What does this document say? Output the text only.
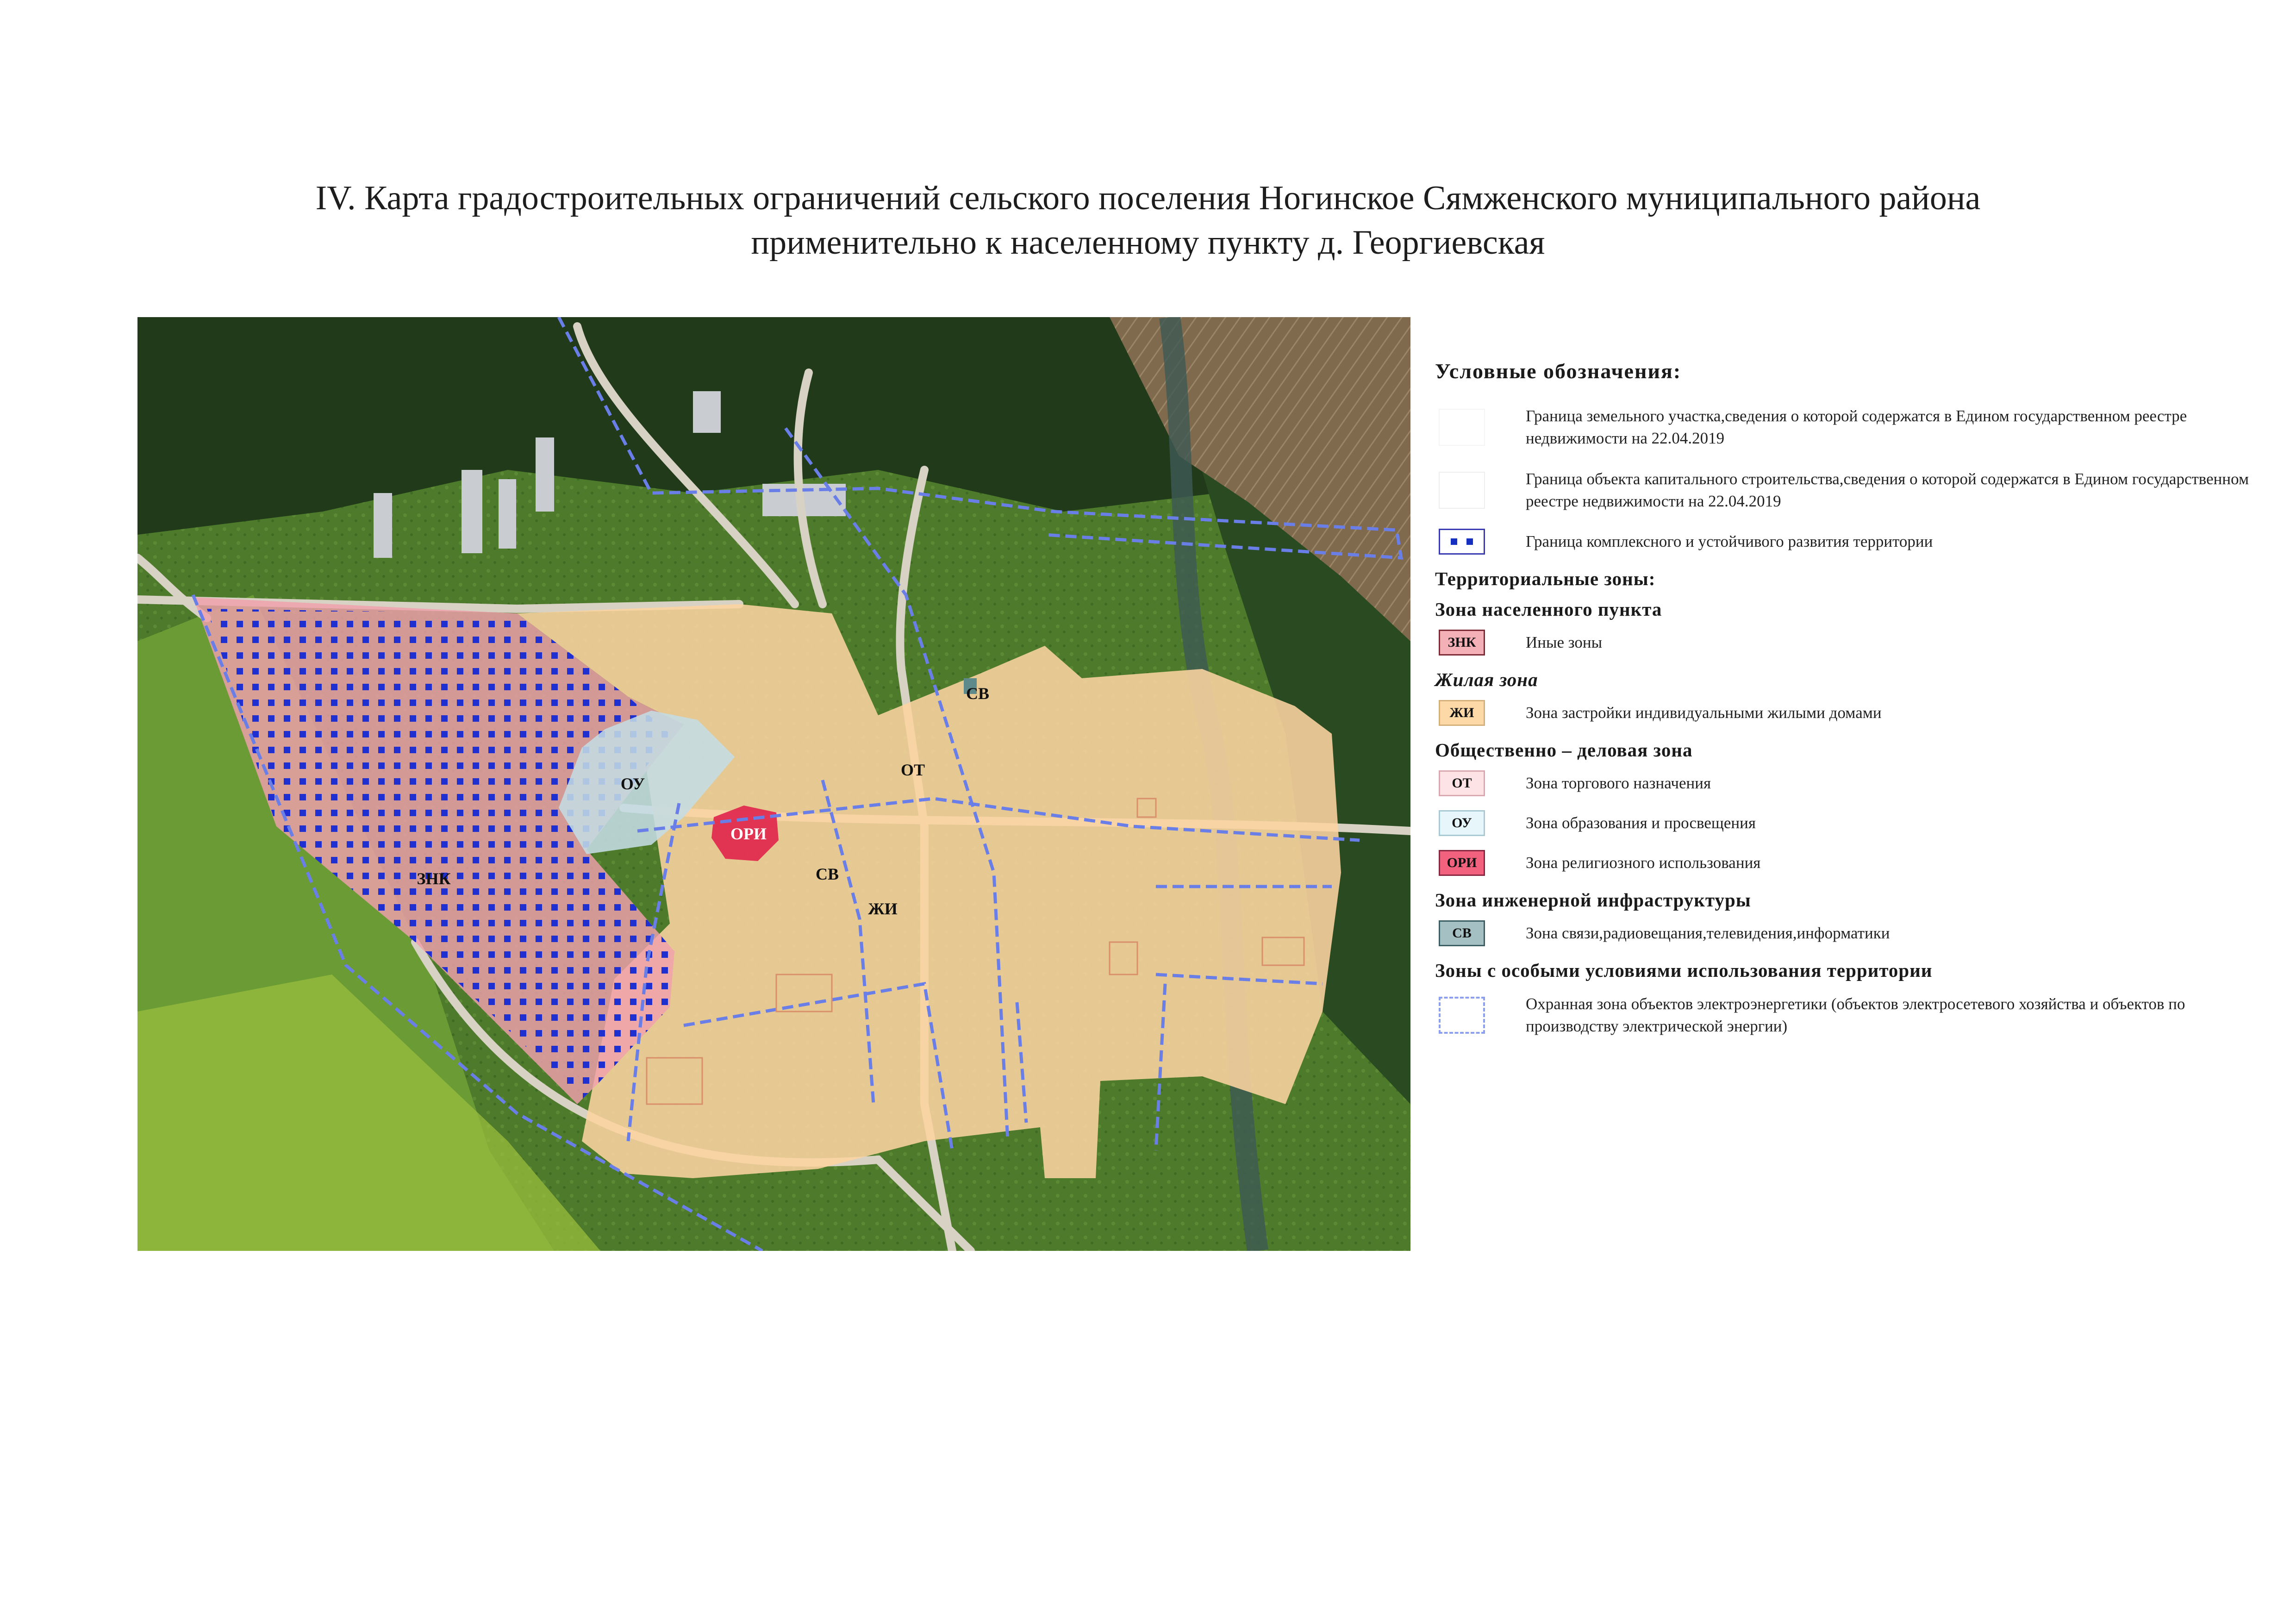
IV. Карта градостроительных ограничений сельского поселения Ногинское Сямженского муниципального района
применительно к населенному пункту д. Георгиевская
ЗНК
ОУ
ОРИ
ОТ
СВ
СВ
ЖИ
Условные обозначения:
Граница земельного участка,сведения о которой содержатся в Едином государственном реестре недвижимости на 22.04.2019
Граница объекта капитального строительства,сведения о которой содержатся в Едином государственном реестре недвижимости на 22.04.2019
Граница комплексного и устойчивого развития территории
Территориальные зоны:
Зона населенного пункта
ЗНК	Иные зоны
Жилая зона
ЖИ	Зона застройки индивидуальными жилыми домами
Общественно – деловая зона
ОТ	Зона торгового назначения
ОУ	Зона образования и просвещения
ОРИ	Зона религиозного использования
Зона инженерной инфраструктуры
СВ	Зона связи,радиовещания,телевидения,информатики
Зоны с особыми условиями использования территории
Охранная зона объектов электроэнергетики (объектов электросетевого хозяйства и объектов по производству электрической энергии)
